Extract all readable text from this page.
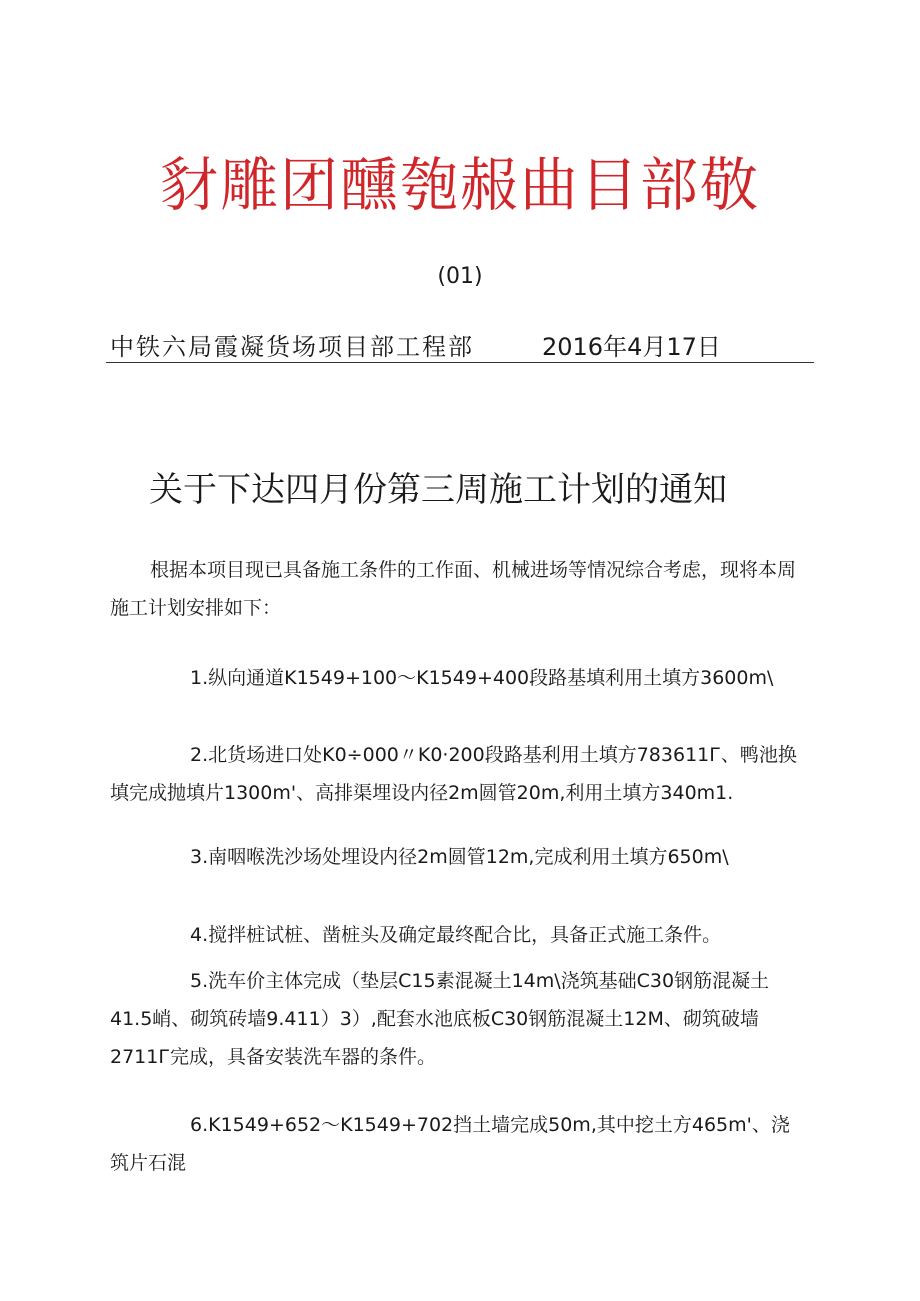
豺雕团醺匏赧曲目部敬
(01)
中铁六局霞凝货场项目部工程部	2016年4月17日
关于下达四月份第三周施工计划的通知

根据本项目现已具备施工条件的工作面、机械进场等情况综合考虑，现将本周施工计划安排如下：

1.纵向通道K1549+100～K1549+400段路基填利用土填方3600m\

2.北货场进口处K0÷000〃K0·200段路基利用土填方783611Г、鸭池换填完成抛填片1300m'、高排渠埋设内径2m圆管20m,利用土填方340m1.

3.南咽喉洗沙场处埋设内径2m圆管12m,完成利用土填方650m\

4.搅拌桩试桩、凿桩头及确定最终配合比，具备正式施工条件。

5.洗车价主体完成（垫层C15素混凝土14m\浇筑基础C30钢筋混凝土41.5峭、砌筑砖墙9.411）3）,配套水池底板C30钢筋混凝土12M、砌筑破墙2711Г完成，具备安装洗车器的条件。

6.K1549+652～K1549+702挡土墙完成50m,其中挖土方465m'、浇筑片石混
